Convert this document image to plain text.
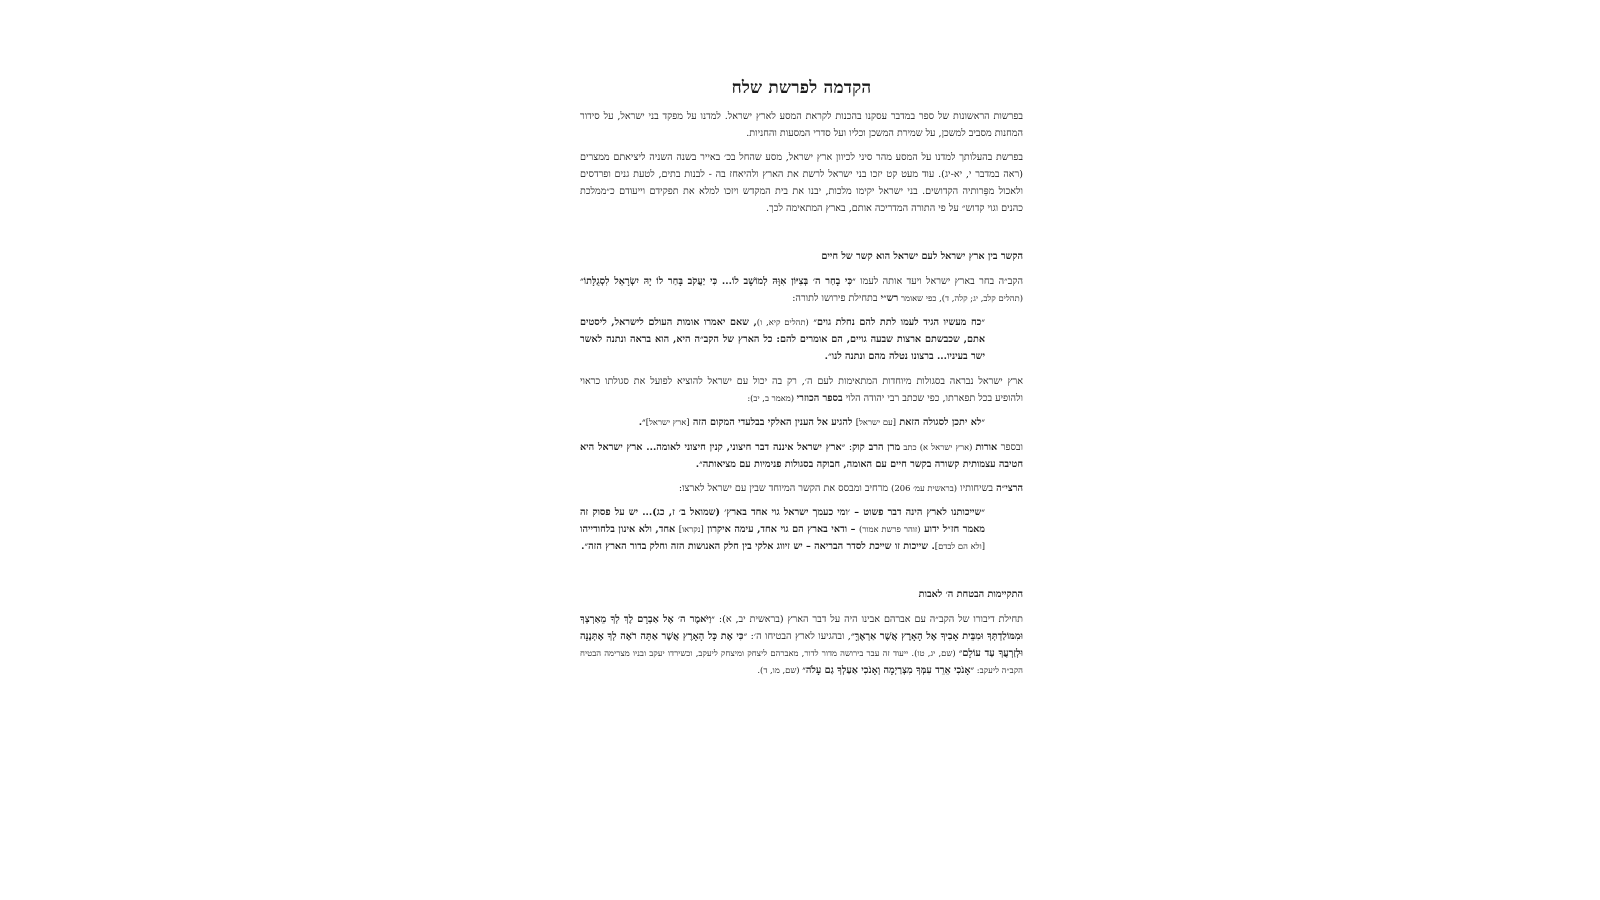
הקדמה לפרשת שלח

בפרשות הראשונות של ספר במדבר עסקנו בהכנות לקראת המסע לארץ ישראל. למדנו על מפקד בני ישראל, על סידור המחנות מסביב למשכן, על שמירת המשכן וכליו ועל סדרי המסעות והחניות.

בפרשת בהעלותך למדנו על המסע מהר סיני לכיוון ארץ ישראל, מסע שהחל בכ׳ באייר בשנה השניה ליציאתם ממצרים (ראה במדבר י, יא-יג). עוד מעט קט יזכו בני ישראל לרשת את הארץ ולהיאחז בה - לבנות בתים, לטעת גנים ופרדסים ולאכול מפֵּרותיה הקדושים. בני ישראל יקימו מלכות, יבנו את בית המקדש ויזכו למלא את תפקידם וייעודם כ״ממלכת כהנים וגוי קדוש״ על פי התורה המדריכה אותם, בארץ המתאימה לכך.

הקשר בין ארץ ישראל לעם ישראל הוא קשר של חיים

הקב״ה בחר בארץ ישראל ויעד אותה לעמו ״כִּי בָחַר ה׳ בְּצִיּוֹן אִוָּהּ לְמוֹשָׁב לוֹ... כִּי יַעֲקֹב בָּחַר לוֹ יָהּ יִשְׂרָאֵל לִסְגֻלָּתוֹ״ (תהלים קלב, יג; קלה, ד), כפי שאומר רש״י בתחילת פירושו לתורה:

״כח מעשיו הגיד לעמו לתת להם נחלת גוים״ (תהלים קיא, ו), שאם יאמרו אומות העולם לישראל, ליסטים אתם, שכבשתם ארצות שבעה גויים, הם אומרים להם: כל הארץ של הקב״ה היא, הוא בראה ונתנה לאשר ישר בעיניו... ברצונו נטלה מהם ונתנה לנו״.

ארץ ישראל נבראה בסגולות מיוחדות המתאימות לעם ה׳, רק בה יכול עם ישראל להוציא לפועל את סגולתו כראוי ולהופיע בכל תפארתו, כפי שכתב רבי יהודה הלוי בספר הכוזרי (מאמר ב, יב):

״לא יתכן לסגולה הזאת [עם ישראל] להגיע אל הענין האלקי בבלעדי המקום הזה [ארץ ישראל]״.

ובספר אורות (ארץ ישראל א) כתב מרן הרב קוק: ״ארץ ישראל איננה דבר חיצוני, קנין חיצוני לאומה... ארץ ישראל היא חטיבה עצמותית קשורה בקשר חיים עם האומה, חבוקה בסגולות פנימיות עם מציאותה״.

הרצי״ה בשיחותיו (בראשית עמ׳ 206) מרחיב ומבסס את הקשר המיוחד שבין עם ישראל לארצו:

״שייכותנו לארץ הינה דבר פשוט – ׳ומי כעמך ישראל גוי אחד בארץ׳ (שמואל ב׳ ז, כג)... יש על פסוק זה מאמר חז״ל ידוע (זוהר פרשת אמור) – ודאי בארץ הם גוי אחד, עימה איקרון [נקראו] אחד, ולא אינון בלחודייהו [ולא הם לבדם]. שייכות זו שייכת לסדר הבריאה – יש זיווג אלקי בין חלק האנושות הזה וחלק בדור הארץ הזה״.
התקיימות הבטחת ה׳ לאבות

תחילת דיבורו של הקב״ה עם אברהם אבינו היה על דבר הארץ (בראשית יב, א): ״וַיֹּאמֶר ה׳ אֶל אַבְרָם לֶךְ לְךָ מֵאַרְצְךָ וּמִמּוֹלַדְתְּךָ וּמִבֵּית אָבִיךָ אֶל הָאָרֶץ אֲשֶׁר אַרְאֶךָּ״, ובהגיעו לארץ הבטיחו ה׳: ״כִּי אֶת כָּל הָאָרֶץ אֲשֶׁר אַתָּה רֹאֶה לְךָ אֶתְּנֶנָּה וּלְזַרְעֲךָ עַד עוֹלָם״ (שם, יג, טו). ייעוד זה עבר בירושה מדור לדור, מאברהם ליצחק ומיצחק ליעקב, וכשירדו יעקב ובניו מצרימה הבטיח הקב״ה ליעקב: ״אָנֹכִי אֵרֵד עִמְּךָ מִצְרַיְמָה וְאָנֹכִי אַעַלְךָ גַם עָלֹה״ (שם, מו, ד).
